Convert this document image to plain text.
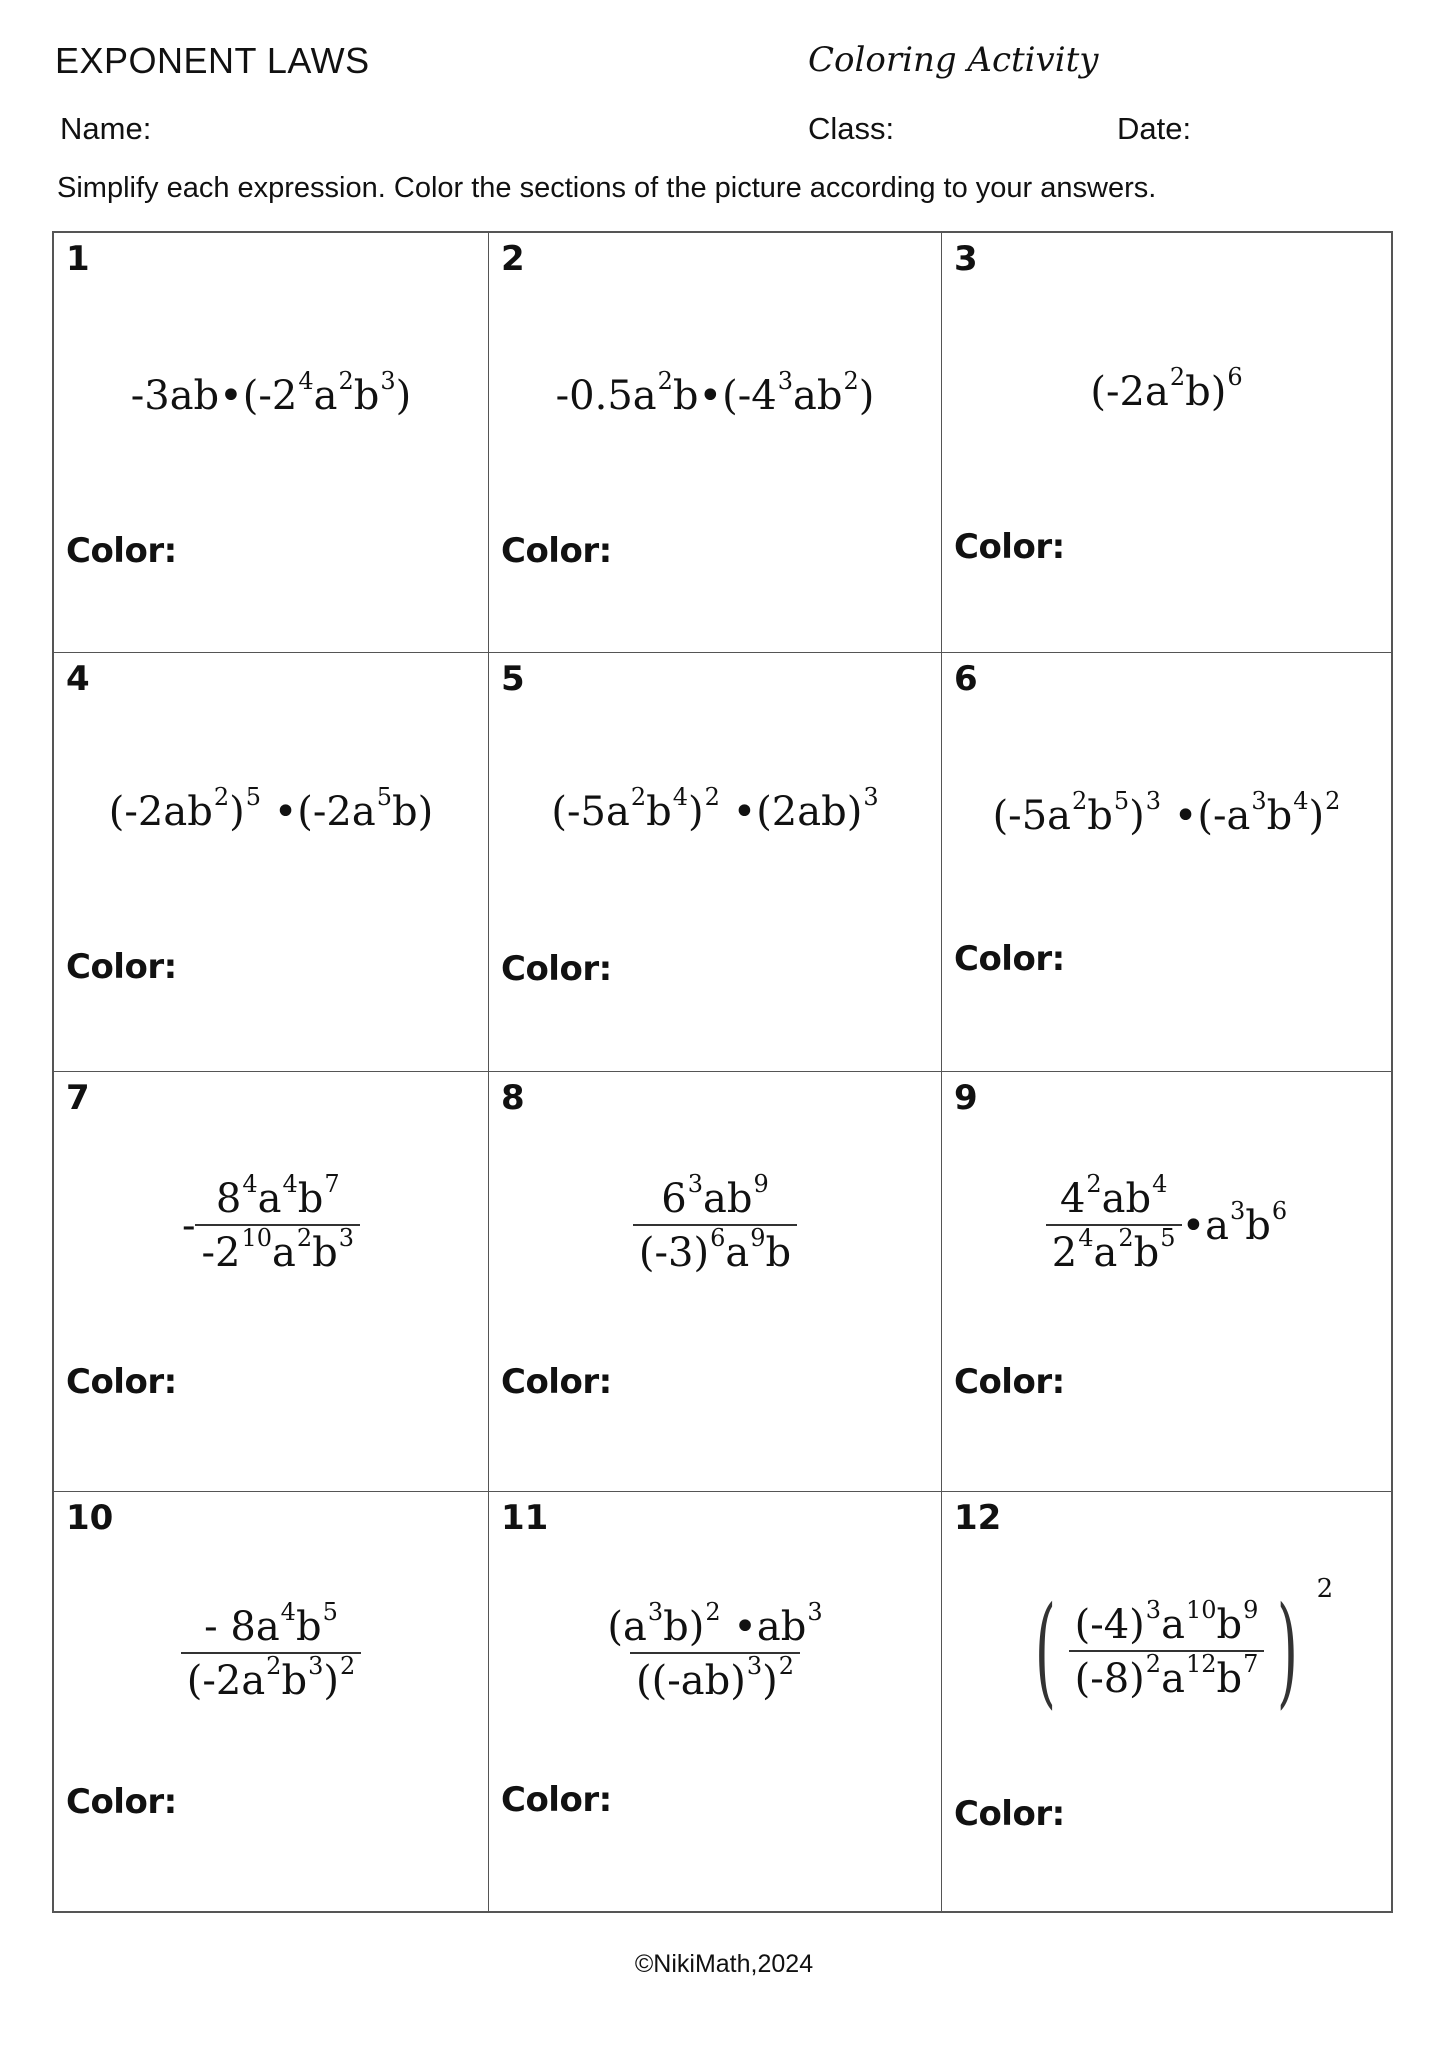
EXPONENT LAWS	Coloring Activity
Name:	Class:	Date:
Simplify each expression. Color the sections of the picture according to your answers.
1
$-3ab•(-2^4a^2b^3)$
Color:
2
$-0.5a^2b•(-4^3ab^2)$
Color:
3
$(-2a^2b)^6$
Color:
4
$(-2ab^2)^5$ $•(-2a^5b)$
Color:
5
$(-5a^2b^4)^2$ $•(2ab)^3$
Color:
6
$(-5a^2b^5)^3$ $•(-a^3b^4)^2$
Color:
7
- $\frac{8^4a^4b^7}{-2^{10}a^2b^3}$
Color:
8
$\frac{6^3ab^9}{(-3)^6a^9b}$
Color:
9
$\frac{4^2ab^4}{2^4a^2b^5}$ $•a^3b^6$
Color:
10
$\frac{- 8a^4b^5}{(-2a^2b^3)^2}$
Color:
11
$\frac{(a^3b)^2 •ab^3}{((-ab)^3)^2}$
Color:
12
( $\frac{(-4)^3a^{10}b^9}{(-8)^2a^{12}b^7}$ ) 2
Color:
©NikiMath,2024
